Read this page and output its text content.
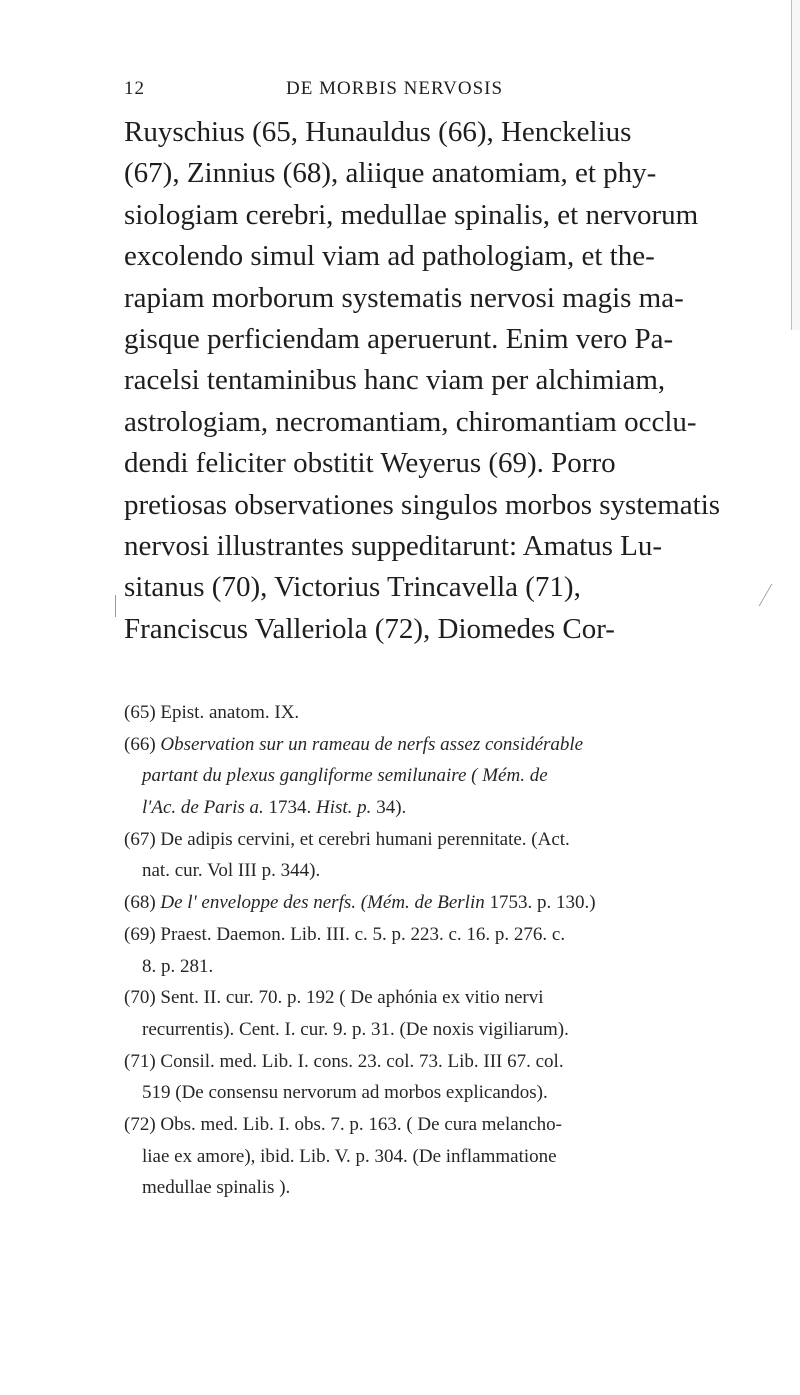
12	DE MORBIS NERVOSIS
Ruyschius (65, Hunauldus (66), Henckelius
(67), Zinnius (68), aliique anatomiam, et phy-
siologiam cerebri, medullae spinalis, et nervorum
excolendo simul viam ad pathologiam, et the-
rapiam morborum systematis nervosi magis ma-
gisque perficiendam aperuerunt. Enim vero Pa-
racelsi tentaminibus hanc viam per alchimiam,
astrologiam, necromantiam, chiromantiam occlu-
dendi feliciter obstitit Weyerus (69). Porro
pretiosas observationes singulos morbos systematis
nervosi illustrantes suppeditarunt: Amatus Lu-
sitanus (70), Victorius Trincavella (71),
Franciscus Valleriola (72), Diomedes Cor-
(65) Epist. anatom. IX.
(66) Observation sur un rameau de nerfs assez considérable
partant du plexus gangliforme semilunaire ( Mém. de
l'Ac. de Paris a. 1734. Hist. p. 34).
(67) De adipis cervini, et cerebri humani perennitate. (Act.
nat. cur. Vol III p. 344).
(68) De l' enveloppe des nerfs. (Mém. de Berlin 1753. p. 130.)
(69) Praest. Daemon. Lib. III. c. 5. p. 223. c. 16. p. 276. c.
8. p. 281.
(70) Sent. II. cur. 70. p. 192 ( De aphónia ex vitio nervi
recurrentis). Cent. I. cur. 9. p. 31. (De noxis vigiliarum).
(71) Consil. med. Lib. I. cons. 23. col. 73. Lib. III 67. col.
519 (De consensu nervorum ad morbos explicandos).
(72) Obs. med. Lib. I. obs. 7. p. 163. ( De cura melancho-
liae ex amore), ibid. Lib. V. p. 304. (De inflammatione
medullae spinalis ).
